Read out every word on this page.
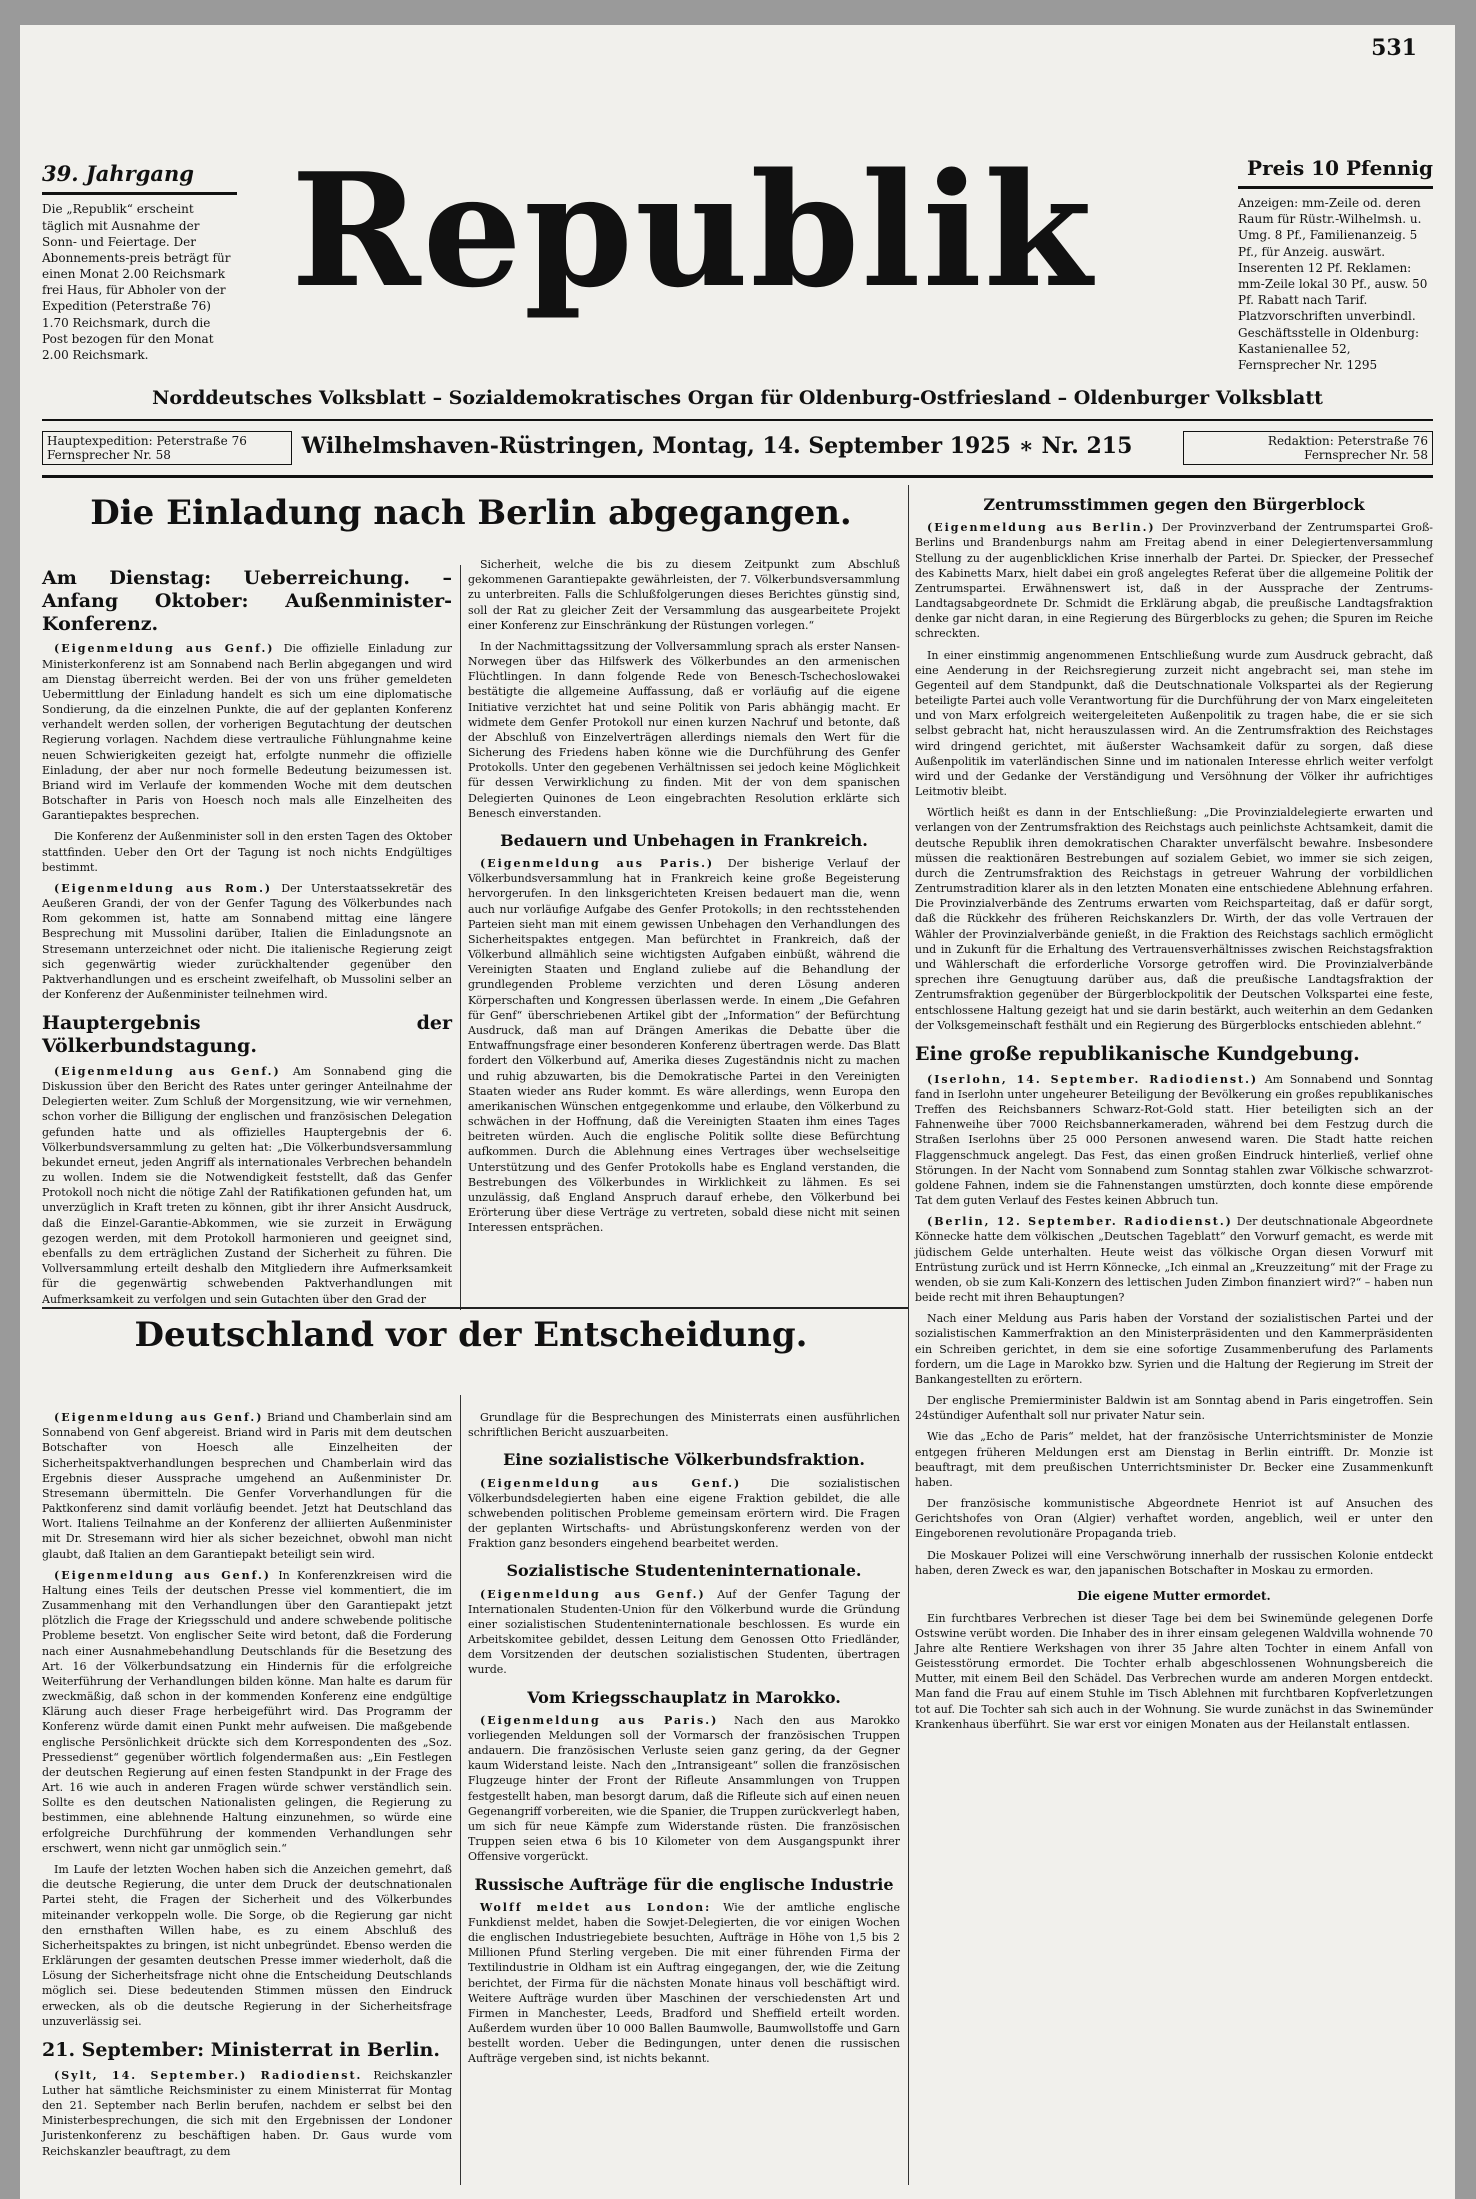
531
39. Jahrgang
Die „Republik“ erscheint täglich mit Ausnahme der Sonn- und Feiertage. Der Abonnements-preis beträgt für einen Monat 2.00 Reichsmark frei Haus, für Abholer von der Expedition (Peterstraße 76) 1.70 Reichsmark, durch die Post bezogen für den Monat 2.00 Reichsmark.
Republik	Preis 10 Pfennig
Anzeigen: mm-Zeile od. deren Raum für Rüstr.-Wilhelmsh. u. Umg. 8 Pf., Familienanzeig. 5 Pf., für Anzeig. auswärt. Inserenten 12 Pf. Reklamen: mm-Zeile lokal 30 Pf., ausw. 50 Pf. Rabatt nach Tarif. Platzvorschriften unverbindl. Geschäftsstelle in Oldenburg: Kastanienallee 52, Fernsprecher Nr. 1295
Norddeutsches Volksblatt – Sozialdemokratisches Organ für Oldenburg-Ostfriesland – Oldenburger Volksblatt
Hauptexpedition: Peterstraße 76 Fernsprecher Nr. 58	Wilhelmshaven-Rüstringen, Montag, 14. September 1925 ∗ Nr. 215	Redaktion: Peterstraße 76 Fernsprecher Nr. 58
Die Einladung nach Berlin abgegangen.
Am Dienstag: Ueberreichung. – Anfang Oktober: Außenminister-Konferenz.

(Eigenmeldung aus Genf.) Die offizielle Einladung zur Ministerkonferenz ist am Sonnabend nach Berlin abgegangen und wird am Dienstag überreicht werden. Bei der von uns früher gemeldeten Uebermittlung der Einladung handelt es sich um eine diplomatische Sondierung, da die einzelnen Punkte, die auf der geplanten Konferenz verhandelt werden sollen, der vorherigen Begutachtung der deutschen Regierung vorlagen. Nachdem diese vertrauliche Fühlungnahme keine neuen Schwierigkeiten gezeigt hat, erfolgte nunmehr die offizielle Einladung, der aber nur noch formelle Bedeutung beizumessen ist. Briand wird im Verlaufe der kommenden Woche mit dem deutschen Botschafter in Paris von Hoesch noch mals alle Einzelheiten des Garantiepaktes besprechen.

Die Konferenz der Außenminister soll in den ersten Tagen des Oktober stattfinden. Ueber den Ort der Tagung ist noch nichts Endgültiges bestimmt.

(Eigenmeldung aus Rom.) Der Unterstaatssekretär des Aeußeren Grandi, der von der Genfer Tagung des Völkerbundes nach Rom gekommen ist, hatte am Sonnabend mittag eine längere Besprechung mit Mussolini darüber, Italien die Einladungsnote an Stresemann unterzeichnet oder nicht. Die italienische Regierung zeigt sich gegenwärtig wieder zurückhaltender gegenüber den Paktverhandlungen und es erscheint zweifelhaft, ob Mussolini selber an der Konferenz der Außenminister teilnehmen wird.

Hauptergebnis der Völkerbundstagung.

(Eigenmeldung aus Genf.) Am Sonnabend ging die Diskussion über den Bericht des Rates unter geringer Anteilnahme der Delegierten weiter. Zum Schluß der Morgensitzung, wie wir vernehmen, schon vorher die Billigung der englischen und französischen Delegation gefunden hatte und als offizielles Hauptergebnis der 6. Völkerbundsversammlung zu gelten hat: „Die Völkerbundsversammlung bekundet erneut, jeden Angriff als internationales Verbrechen behandeln zu wollen. Indem sie die Notwendigkeit feststellt, daß das Genfer Protokoll noch nicht die nötige Zahl der Ratifikationen gefunden hat, um unverzüglich in Kraft treten zu können, gibt ihr ihrer Ansicht Ausdruck, daß die Einzel-Garantie-Abkommen, wie sie zurzeit in Erwägung gezogen werden, mit dem Protokoll harmonieren und geeignet sind, ebenfalls zu dem erträglichen Zustand der Sicherheit zu führen. Die Vollversammlung erteilt deshalb den Mitgliedern ihre Aufmerksamkeit für die gegenwärtig schwebenden Paktverhandlungen mit Aufmerksamkeit zu verfolgen und sein Gutachten über den Grad der

Sicherheit, welche die bis zu diesem Zeitpunkt zum Abschluß gekommenen Garantiepakte gewährleisten, der 7. Völkerbundsversammlung zu unterbreiten. Falls die Schlußfolgerungen dieses Berichtes günstig sind, soll der Rat zu gleicher Zeit der Versammlung das ausgearbeitete Projekt einer Konferenz zur Einschränkung der Rüstungen vorlegen.“

In der Nachmittagssitzung der Vollversammlung sprach als erster Nansen-Norwegen über das Hilfswerk des Völkerbundes an den armenischen Flüchtlingen. In dann folgende Rede von Benesch-Tschechoslowakei bestätigte die allgemeine Auffassung, daß er vorläufig auf die eigene Initiative verzichtet hat und seine Politik von Paris abhängig macht. Er widmete dem Genfer Protokoll nur einen kurzen Nachruf und betonte, daß der Abschluß von Einzelverträgen allerdings niemals den Wert für die Sicherung des Friedens haben könne wie die Durchführung des Genfer Protokolls. Unter den gegebenen Verhältnissen sei jedoch keine Möglichkeit für dessen Verwirklichung zu finden. Mit der von dem spanischen Delegierten Quinones de Leon eingebrachten Resolution erklärte sich Benesch einverstanden.

Bedauern und Unbehagen in Frankreich.

(Eigenmeldung aus Paris.) Der bisherige Verlauf der Völkerbundsversammlung hat in Frankreich keine große Begeisterung hervorgerufen. In den linksgerichteten Kreisen bedauert man die, wenn auch nur vorläufige Aufgabe des Genfer Protokolls; in den rechtsstehenden Parteien sieht man mit einem gewissen Unbehagen den Verhandlungen des Sicherheitspaktes entgegen. Man befürchtet in Frankreich, daß der Völkerbund allmählich seine wichtigsten Aufgaben einbüßt, während die Vereinigten Staaten und England zuliebe auf die Behandlung der grundlegenden Probleme verzichten und deren Lösung anderen Körperschaften und Kongressen überlassen werde. In einem „Die Gefahren für Genf“ überschriebenen Artikel gibt der „Information“ der Befürchtung Ausdruck, daß man auf Drängen Amerikas die Debatte über die Entwaffnungsfrage einer besonderen Konferenz übertragen werde. Das Blatt fordert den Völkerbund auf, Amerika dieses Zugeständnis nicht zu machen und ruhig abzuwarten, bis die Demokratische Partei in den Vereinigten Staaten wieder ans Ruder kommt. Es wäre allerdings, wenn Europa den amerikanischen Wünschen entgegenkomme und erlaube, den Völkerbund zu schwächen in der Hoffnung, daß die Vereinigten Staaten ihm eines Tages beitreten würden. Auch die englische Politik sollte diese Befürchtung aufkommen. Durch die Ablehnung eines Vertrages über wechselseitige Unterstützung und des Genfer Protokolls habe es England verstanden, die Bestrebungen des Völkerbundes in Wirklichkeit zu lähmen. Es sei unzulässig, daß England Anspruch darauf erhebe, den Völkerbund bei Erörterung über diese Verträge zu vertreten, sobald diese nicht mit seinen Interessen entsprächen.

Zentrumsstimmen gegen den Bürgerblock

(Eigenmeldung aus Berlin.) Der Provinzverband der Zentrumspartei Groß-Berlins und Brandenburgs nahm am Freitag abend in einer Delegiertenversammlung Stellung zu der augenblicklichen Krise innerhalb der Partei. Dr. Spiecker, der Pressechef des Kabinetts Marx, hielt dabei ein groß angelegtes Referat über die allgemeine Politik der Zentrumspartei. Erwähnenswert ist, daß in der Aussprache der Zentrums-Landtagsabgeordnete Dr. Schmidt die Erklärung abgab, die preußische Landtagsfraktion denke gar nicht daran, in eine Regierung des Bürgerblocks zu gehen; die Spuren im Reiche schreckten.

In einer einstimmig angenommenen Entschließung wurde zum Ausdruck gebracht, daß eine Aenderung in der Reichsregierung zurzeit nicht angebracht sei, man stehe im Gegenteil auf dem Standpunkt, daß die Deutschnationale Volkspartei als der Regierung beteiligte Partei auch volle Verantwortung für die Durchführung der von Marx eingeleiteten und von Marx erfolgreich weitergeleiteten Außenpolitik zu tragen habe, die er sie sich selbst gebracht hat, nicht herauszulassen wird. An die Zentrumsfraktion des Reichstages wird dringend gerichtet, mit äußerster Wachsamkeit dafür zu sorgen, daß diese Außenpolitik im vaterländischen Sinne und im nationalen Interesse ehrlich weiter verfolgt wird und der Gedanke der Verständigung und Versöhnung der Völker ihr aufrichtiges Leitmotiv bleibt.

Wörtlich heißt es dann in der Entschließung: „Die Provinzialdelegierte erwarten und verlangen von der Zentrumsfraktion des Reichstags auch peinlichste Achtsamkeit, damit die deutsche Republik ihren demokratischen Charakter unverfälscht bewahre. Insbesondere müssen die reaktionären Bestrebungen auf sozialem Gebiet, wo immer sie sich zeigen, durch die Zentrumsfraktion des Reichstags in getreuer Wahrung der vorbildlichen Zentrumstradition klarer als in den letzten Monaten eine entschiedene Ablehnung erfahren. Die Provinzialverbände des Zentrums erwarten vom Reichsparteitag, daß er dafür sorgt, daß die Rückkehr des früheren Reichskanzlers Dr. Wirth, der das volle Vertrauen der Wähler der Provinzialverbände genießt, in die Fraktion des Reichstags sachlich ermöglicht und in Zukunft für die Erhaltung des Vertrauensverhältnisses zwischen Reichstagsfraktion und Wählerschaft die erforderliche Vorsorge getroffen wird. Die Provinzialverbände sprechen ihre Genugtuung darüber aus, daß die preußische Landtagsfraktion der Zentrumsfraktion gegenüber der Bürgerblockpolitik der Deutschen Volkspartei eine feste, entschlossene Haltung gezeigt hat und sie darin bestärkt, auch weiterhin an dem Gedanken der Volksgemeinschaft festhält und ein Regierung des Bürgerblocks entschieden ablehnt.“

Eine große republikanische Kundgebung.

(Iserlohn, 14. September. Radiodienst.) Am Sonnabend und Sonntag fand in Iserlohn unter ungeheurer Beteiligung der Bevölkerung ein großes republikanisches Treffen des Reichsbanners Schwarz-Rot-Gold statt. Hier beteiligten sich an der Fahnenweihe über 7000 Reichsbannerkameraden, während bei dem Festzug durch die Straßen Iserlohns über 25 000 Personen anwesend waren. Die Stadt hatte reichen Flaggenschmuck angelegt. Das Fest, das einen großen Eindruck hinterließ, verlief ohne Störungen. In der Nacht vom Sonnabend zum Sonntag stahlen zwar Völkische schwarzrot-goldene Fahnen, indem sie die Fahnenstangen umstürzten, doch konnte diese empörende Tat dem guten Verlauf des Festes keinen Abbruch tun.

(Berlin, 12. September. Radiodienst.) Der deutschnationale Abgeordnete Könnecke hatte dem völkischen „Deutschen Tageblatt“ den Vorwurf gemacht, es werde mit jüdischem Gelde unterhalten. Heute weist das völkische Organ diesen Vorwurf mit Entrüstung zurück und ist Herrn Könnecke, „Ich einmal an „Kreuzzeitung“ mit der Frage zu wenden, ob sie zum Kali-Konzern des lettischen Juden Zimbon finanziert wird?“ – haben nun beide recht mit ihren Behauptungen?

Nach einer Meldung aus Paris haben der Vorstand der sozialistischen Partei und der sozialistischen Kammerfraktion an den Ministerpräsidenten und den Kammerpräsidenten ein Schreiben gerichtet, in dem sie eine sofortige Zusammenberufung des Parlaments fordern, um die Lage in Marokko bzw. Syrien und die Haltung der Regierung im Streit der Bankangestellten zu erörtern.

Der englische Premierminister Baldwin ist am Sonntag abend in Paris eingetroffen. Sein 24stündiger Aufenthalt soll nur privater Natur sein.

Wie das „Echo de Paris“ meldet, hat der französische Unterrichtsminister de Monzie entgegen früheren Meldungen erst am Dienstag in Berlin eintrifft. Dr. Monzie ist beauftragt, mit dem preußischen Unterrichtsminister Dr. Becker eine Zusammenkunft haben.

Der französische kommunistische Abgeordnete Henriot ist auf Ansuchen des Gerichtshofes von Oran (Algier) verhaftet worden, angeblich, weil er unter den Eingeborenen revolutionäre Propaganda trieb.

Die Moskauer Polizei will eine Verschwörung innerhalb der russischen Kolonie entdeckt haben, deren Zweck es war, den japanischen Botschafter in Moskau zu ermorden.

Die eigene Mutter ermordet.

Ein furchtbares Verbrechen ist dieser Tage bei dem bei Swinemünde gelegenen Dorfe Ostswine verübt worden. Die Inhaber des in ihrer einsam gelegenen Waldvilla wohnende 70 Jahre alte Rentiere Werkshagen von ihrer 35 Jahre alten Tochter in einem Anfall von Geistesstörung ermordet. Die Tochter erhalb abgeschlossenen Wohnungsbereich die Mutter, mit einem Beil den Schädel. Das Verbrechen wurde am anderen Morgen entdeckt. Man fand die Frau auf einem Stuhle im Tisch Ablehnen mit furchtbaren Kopfverletzungen tot auf. Die Tochter sah sich auch in der Wohnung. Sie wurde zunächst in das Swinemünder Krankenhaus überführt. Sie war erst vor einigen Monaten aus der Heilanstalt entlassen.

Deutschland vor der Entscheidung.

(Eigenmeldung aus Genf.) Briand und Chamberlain sind am Sonnabend von Genf abgereist. Briand wird in Paris mit dem deutschen Botschafter von Hoesch alle Einzelheiten der Sicherheitspaktverhandlungen besprechen und Chamberlain wird das Ergebnis dieser Aussprache umgehend an Außenminister Dr. Stresemann übermitteln. Die Genfer Vorverhandlungen für die Paktkonferenz sind damit vorläufig beendet. Jetzt hat Deutschland das Wort. Italiens Teilnahme an der Konferenz der alliierten Außenminister mit Dr. Stresemann wird hier als sicher bezeichnet, obwohl man nicht glaubt, daß Italien an dem Garantiepakt beteiligt sein wird.

(Eigenmeldung aus Genf.) In Konferenzkreisen wird die Haltung eines Teils der deutschen Presse viel kommentiert, die im Zusammenhang mit den Verhandlungen über den Garantiepakt jetzt plötzlich die Frage der Kriegsschuld und andere schwebende politische Probleme besetzt. Von englischer Seite wird betont, daß die Forderung nach einer Ausnahmebehandlung Deutschlands für die Besetzung des Art. 16 der Völkerbundsatzung ein Hindernis für die erfolgreiche Weiterführung der Verhandlungen bilden könne. Man halte es darum für zweckmäßig, daß schon in der kommenden Konferenz eine endgültige Klärung auch dieser Frage herbeigeführt wird. Das Programm der Konferenz würde damit einen Punkt mehr aufweisen. Die maßgebende englische Persönlichkeit drückte sich dem Korrespondenten des „Soz. Pressedienst“ gegenüber wörtlich folgendermaßen aus: „Ein Festlegen der deutschen Regierung auf einen festen Standpunkt in der Frage des Art. 16 wie auch in anderen Fragen würde schwer verständlich sein. Sollte es den deutschen Nationalisten gelingen, die Regierung zu bestimmen, eine ablehnende Haltung einzunehmen, so würde eine erfolgreiche Durchführung der kommenden Verhandlungen sehr erschwert, wenn nicht gar unmöglich sein.“

Im Laufe der letzten Wochen haben sich die Anzeichen gemehrt, daß die deutsche Regierung, die unter dem Druck der deutschnationalen Partei steht, die Fragen der Sicherheit und des Völkerbundes miteinander verkoppeln wolle. Die Sorge, ob die Regierung gar nicht den ernsthaften Willen habe, es zu einem Abschluß des Sicherheitspaktes zu bringen, ist nicht unbegründet. Ebenso werden die Erklärungen der gesamten deutschen Presse immer wiederholt, daß die Lösung der Sicherheitsfrage nicht ohne die Entscheidung Deutschlands möglich sei. Diese bedeutenden Stimmen müssen den Eindruck erwecken, als ob die deutsche Regierung in der Sicherheitsfrage unzuverlässig sei.

21. September: Ministerrat in Berlin.

(Sylt, 14. September.) Radiodienst. Reichskanzler Luther hat sämtliche Reichsminister zu einem Ministerrat für Montag den 21. September nach Berlin berufen, nachdem er selbst bei den Ministerbesprechungen, die sich mit den Ergebnissen der Londoner Juristenkonferenz zu beschäftigen haben. Dr. Gaus wurde vom Reichskanzler beauftragt, zu dem

Grundlage für die Besprechungen des Ministerrats einen ausführlichen schriftlichen Bericht auszuarbeiten.

Eine sozialistische Völkerbundsfraktion.

(Eigenmeldung aus Genf.)	Die sozialistischen Völkerbundsdelegierten haben eine eigene Fraktion gebildet, die alle schwebenden politischen Probleme gemeinsam erörtern wird. Die Fragen der geplanten Wirtschafts- und Abrüstungskonferenz werden von der Fraktion ganz besonders eingehend bearbeitet werden.

Sozialistische Studenteninternationale.

(Eigenmeldung aus Genf.) Auf der Genfer Tagung der Internationalen Studenten-Union für den Völkerbund wurde die Gründung einer sozialistischen Studenteninternationale beschlossen. Es wurde ein Arbeitskomitee gebildet, dessen Leitung dem Genossen Otto Friedländer, dem Vorsitzenden der deutschen sozialistischen Studenten, übertragen wurde.

Vom Kriegsschauplatz in Marokko.

(Eigenmeldung aus Paris.) Nach den aus Marokko vorliegenden Meldungen soll der Vormarsch der französischen Truppen andauern. Die französischen Verluste seien ganz gering, da der Gegner kaum Widerstand leiste. Nach den „Intransigeant“ sollen die französischen Flugzeuge hinter der Front der Rifleute Ansammlungen von Truppen festgestellt haben, man besorgt darum, daß die Rifleute sich auf einen neuen Gegenangriff vorbereiten, wie die Spanier, die Truppen zurückverlegt haben, um sich für neue Kämpfe zum Widerstande rüsten. Die französischen Truppen seien etwa 6 bis 10 Kilometer von dem Ausgangspunkt ihrer Offensive vorgerückt.

Russische Aufträge für die englische Industrie

Wolff meldet aus London: Wie der amtliche englische Funkdienst meldet, haben die Sowjet-Delegierten, die vor einigen Wochen die englischen Industriegebiete besuchten, Aufträge in Höhe von 1,5 bis 2 Millionen Pfund Sterling vergeben. Die mit einer führenden Firma der Textilindustrie in Oldham ist ein Auftrag eingegangen, der, wie die Zeitung berichtet, der Firma für die nächsten Monate hinaus voll beschäftigt wird. Weitere Aufträge wurden über Maschinen der verschiedensten Art und Firmen in Manchester, Leeds, Bradford und Sheffield erteilt worden. Außerdem wurden über 10 000 Ballen Baumwolle, Baumwollstoffe und Garn bestellt worden. Ueber die Bedingungen, unter denen die russischen Aufträge vergeben sind, ist nichts bekannt.
